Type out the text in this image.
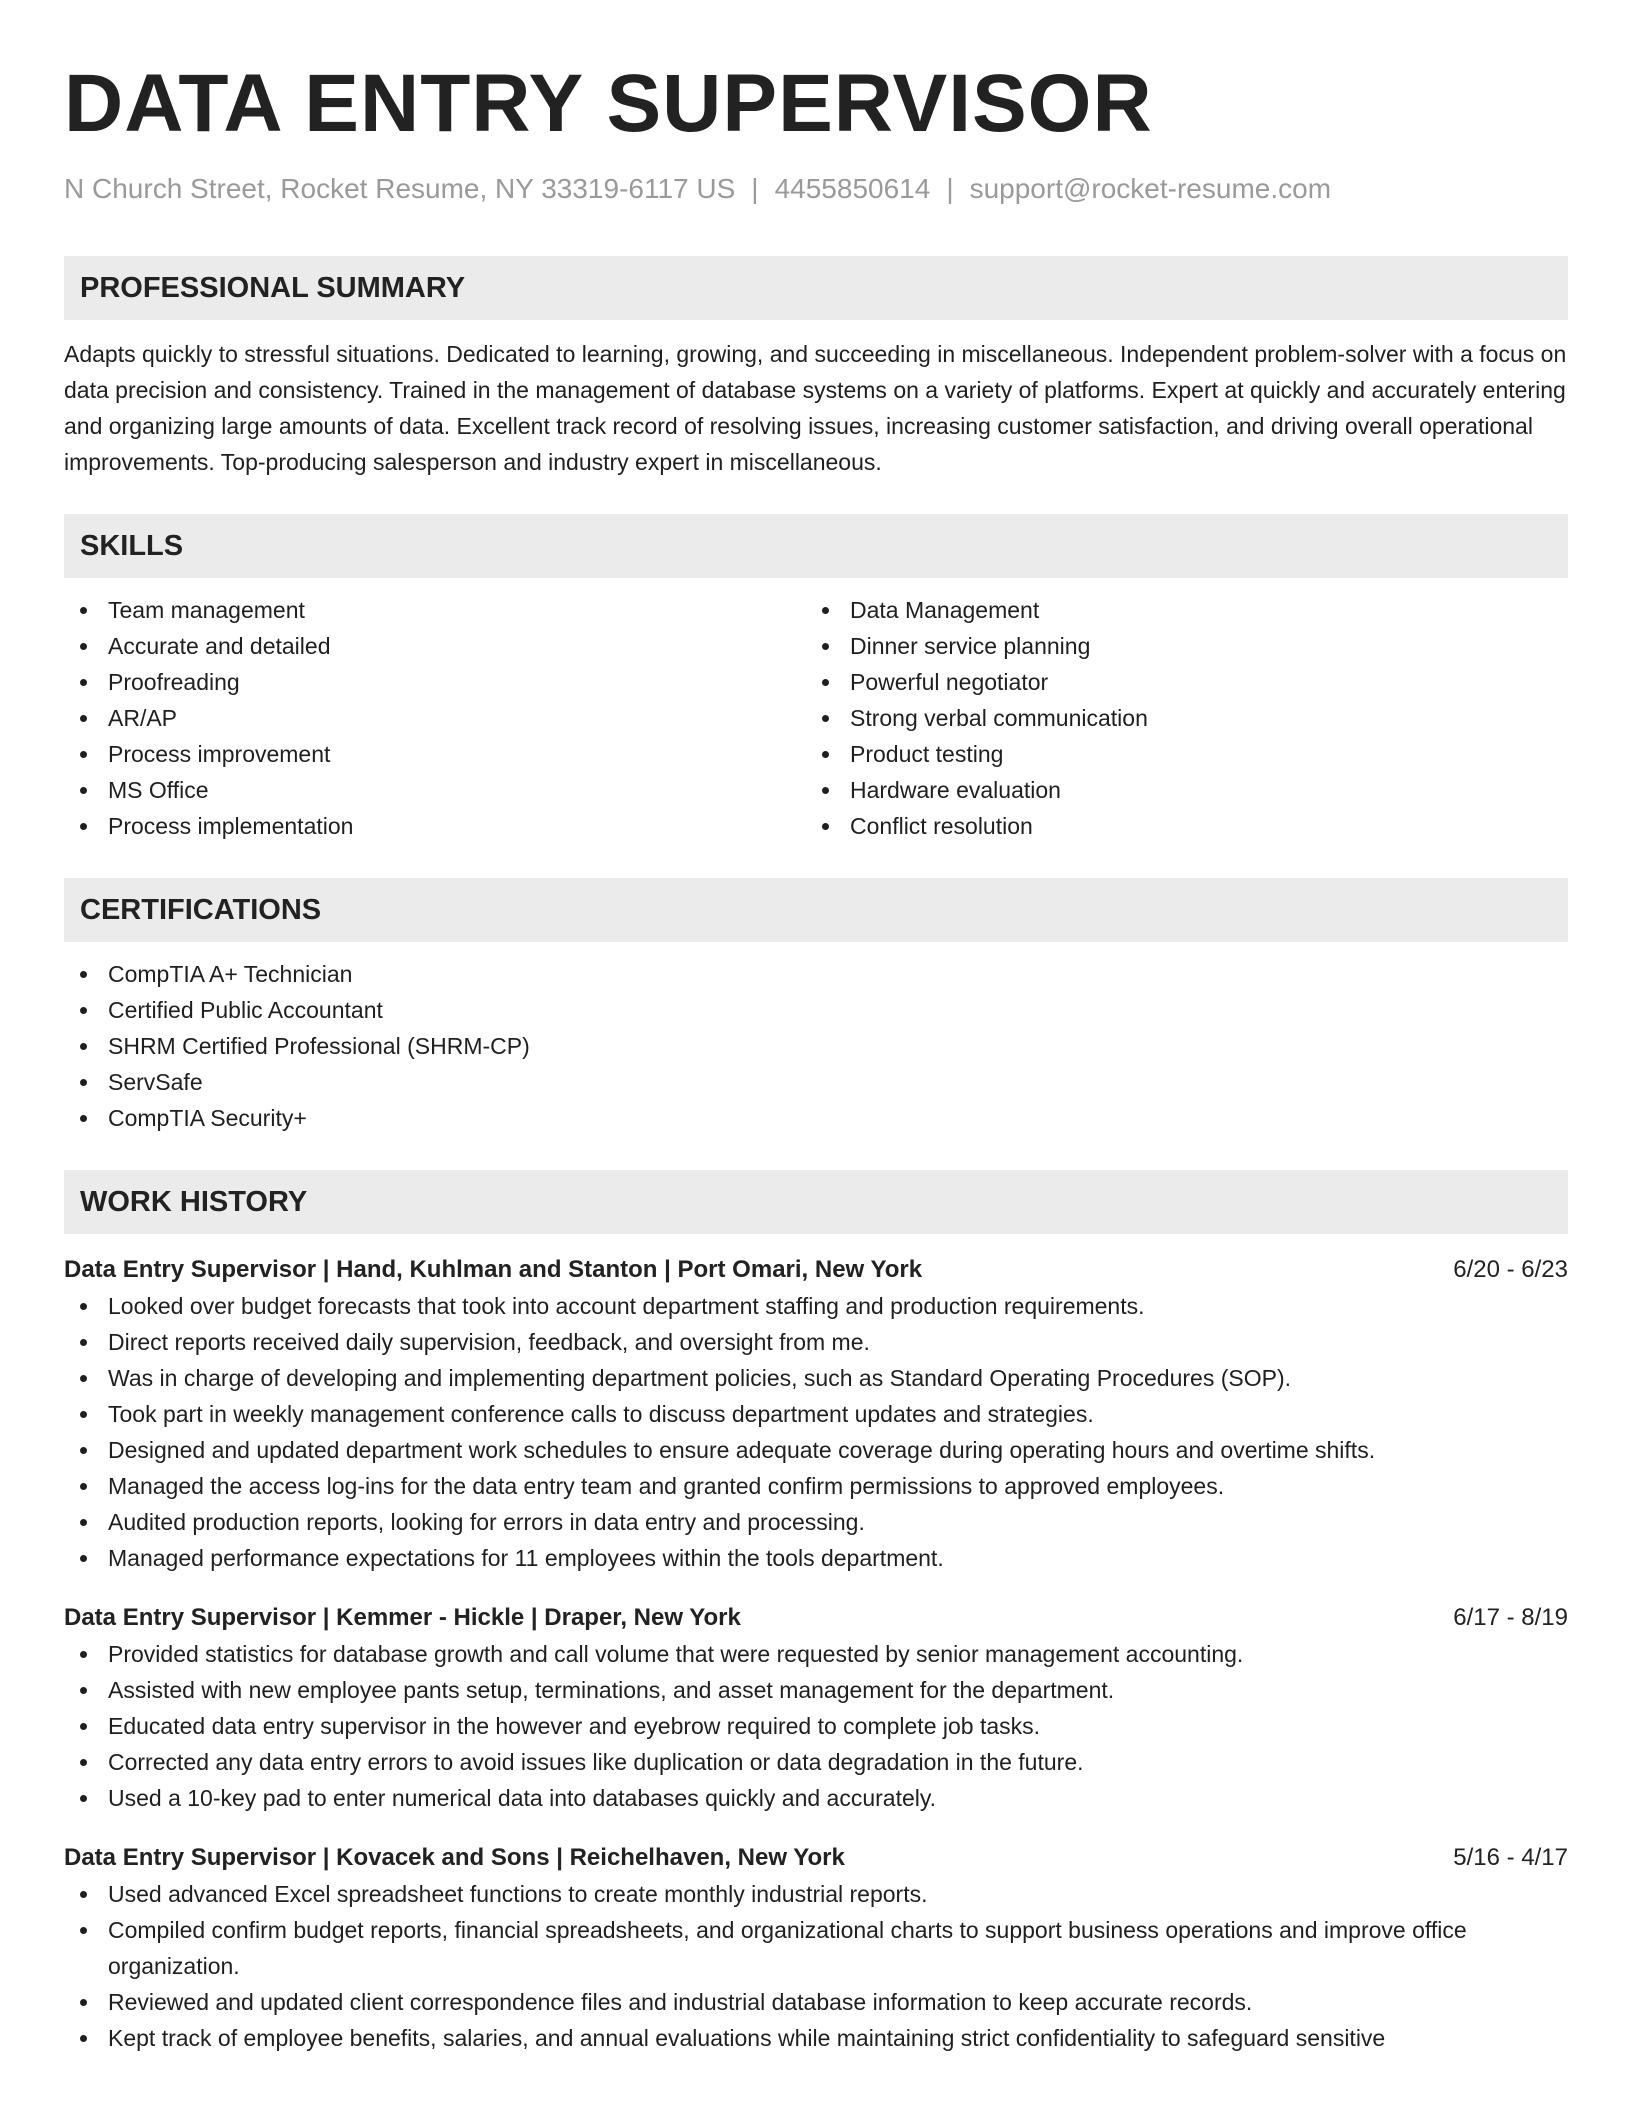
DATA ENTRY SUPERVISOR
N Church Street, Rocket Resume, NY 33319-6117 US | 4455850614 | support@rocket-resume.com
PROFESSIONAL SUMMARY

Adapts quickly to stressful situations. Dedicated to learning, growing, and succeeding in miscellaneous. Independent problem-solver with a focus on data precision and consistency. Trained in the management of database systems on a variety of platforms. Expert at quickly and accurately entering and organizing large amounts of data. Excellent track record of resolving issues, increasing customer satisfaction, and driving overall operational improvements. Top-producing salesperson and industry expert in miscellaneous.

SKILLS
Team management
Accurate and detailed
Proofreading
AR/AP
Process improvement
MS Office
Process implementation
Data Management
Dinner service planning
Powerful negotiator
Strong verbal communication
Product testing
Hardware evaluation
Conflict resolution
CERTIFICATIONS
CompTIA A+ Technician
Certified Public Accountant
SHRM Certified Professional (SHRM-CP)
ServSafe
CompTIA Security+
WORK HISTORY
Data Entry Supervisor | Hand, Kuhlman and Stanton | Port Omari, New York	6/20 - 6/23
Looked over budget forecasts that took into account department staffing and production requirements.
Direct reports received daily supervision, feedback, and oversight from me.
Was in charge of developing and implementing department policies, such as Standard Operating Procedures (SOP).
Took part in weekly management conference calls to discuss department updates and strategies.
Designed and updated department work schedules to ensure adequate coverage during operating hours and overtime shifts.
Managed the access log-ins for the data entry team and granted confirm permissions to approved employees.
Audited production reports, looking for errors in data entry and processing.
Managed performance expectations for 11 employees within the tools department.
Data Entry Supervisor | Kemmer - Hickle | Draper, New York	6/17 - 8/19
Provided statistics for database growth and call volume that were requested by senior management accounting.
Assisted with new employee pants setup, terminations, and asset management for the department.
Educated data entry supervisor in the however and eyebrow required to complete job tasks.
Corrected any data entry errors to avoid issues like duplication or data degradation in the future.
Used a 10-key pad to enter numerical data into databases quickly and accurately.
Data Entry Supervisor | Kovacek and Sons | Reichelhaven, New York	5/16 - 4/17
Used advanced Excel spreadsheet functions to create monthly industrial reports.
Compiled confirm budget reports, financial spreadsheets, and organizational charts to support business operations and improve office organization.
Reviewed and updated client correspondence files and industrial database information to keep accurate records.
Kept track of employee benefits, salaries, and annual evaluations while maintaining strict confidentiality to safeguard sensitive
